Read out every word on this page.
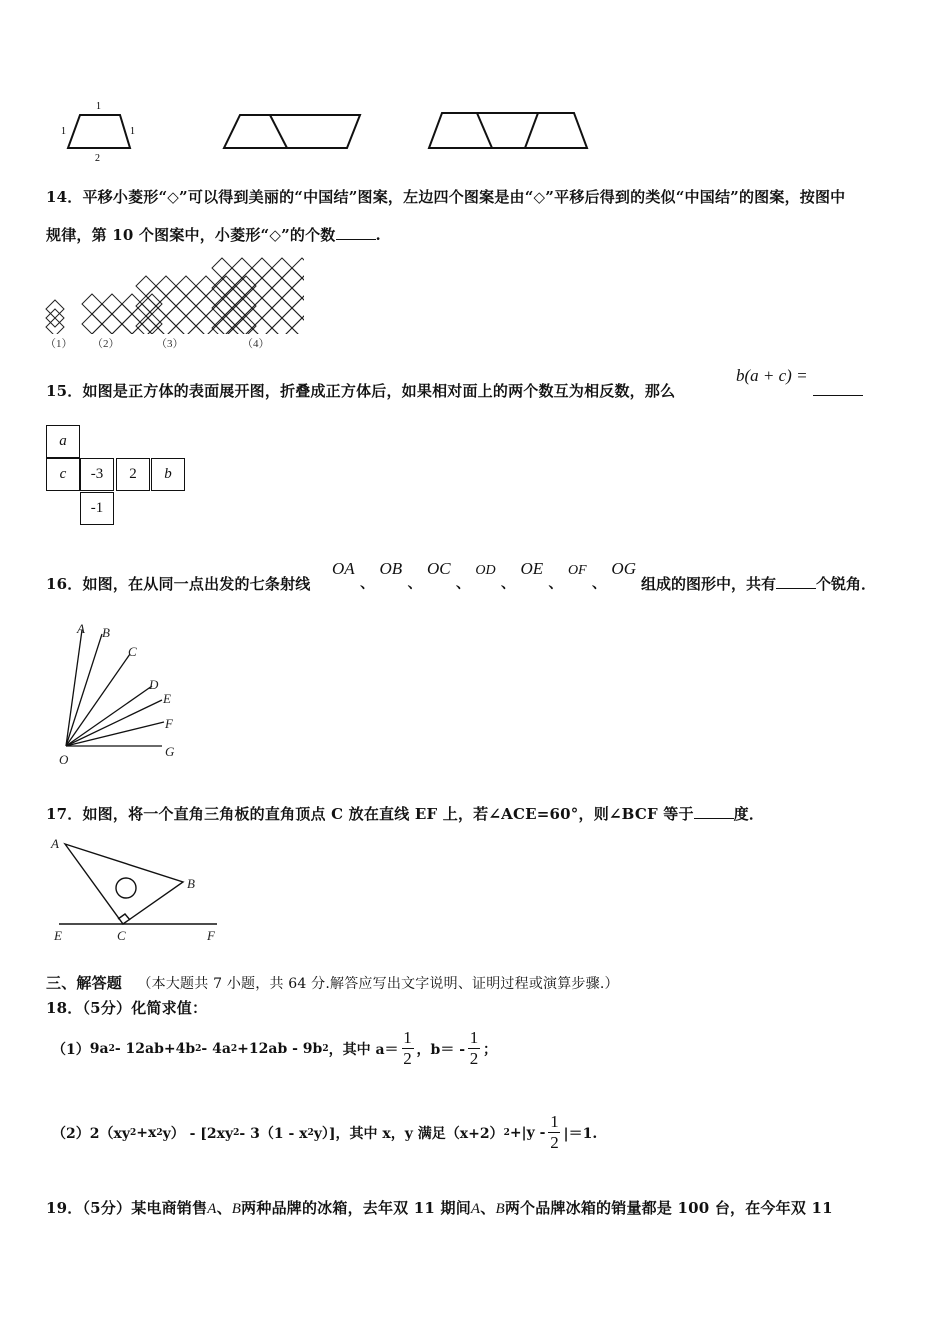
1
1	1
2
14．平移小菱形“◇”可以得到美丽的“中国结”图案，左边四个图案是由“◇”平移后得到的类似“中国结”的图案，按图中
规律，第 10 个图案中，小菱形“◇”的个数	.
（1） （2）	（3）	（4）
15．如图是正方体的表面展开图，折叠成正方体后，如果相对面上的两个数互为相反数，那么
b(a + c) =
a
c	-3	2	b
-1
16．如图，在从同一点出发的七条射线
OA $_、$ OB $_、$ OC $_、$ OD $_、$ OE $_、$ OF $_、$ OG
组成的图形中，共有	个锐角．
A B
C
D
E
F
G
O
17．如图，将一个直角三角板的直角顶点 C 放在直线 EF 上，若∠ACE=60°，则∠BCF 等于	度．
A
B
C
E	F
三、解答题 （本大题共 7 小题，共 64 分.解答应写出文字说明、证明过程或演算步骤.）
18．（5分）化简求值：
（1） 9a 2 - 12ab+4b 2 - 4a 2 +12ab - 9b 2 ，其中 $a= \frac{1}{2}$ ，$b= - \frac{1}{2}$ ；
（2） 2（xy 2 +x 2 y） - [2xy 2 - 3（1 - x 2 y）]，其中 x，y 满足（x+2） $2 +|y - \frac{1}{2} |=1$.
19．（5分）某电商销售A、B两种品牌的冰箱，去年双 11 期间A、B两个品牌冰箱的销量都是 100 台，在今年双 11
